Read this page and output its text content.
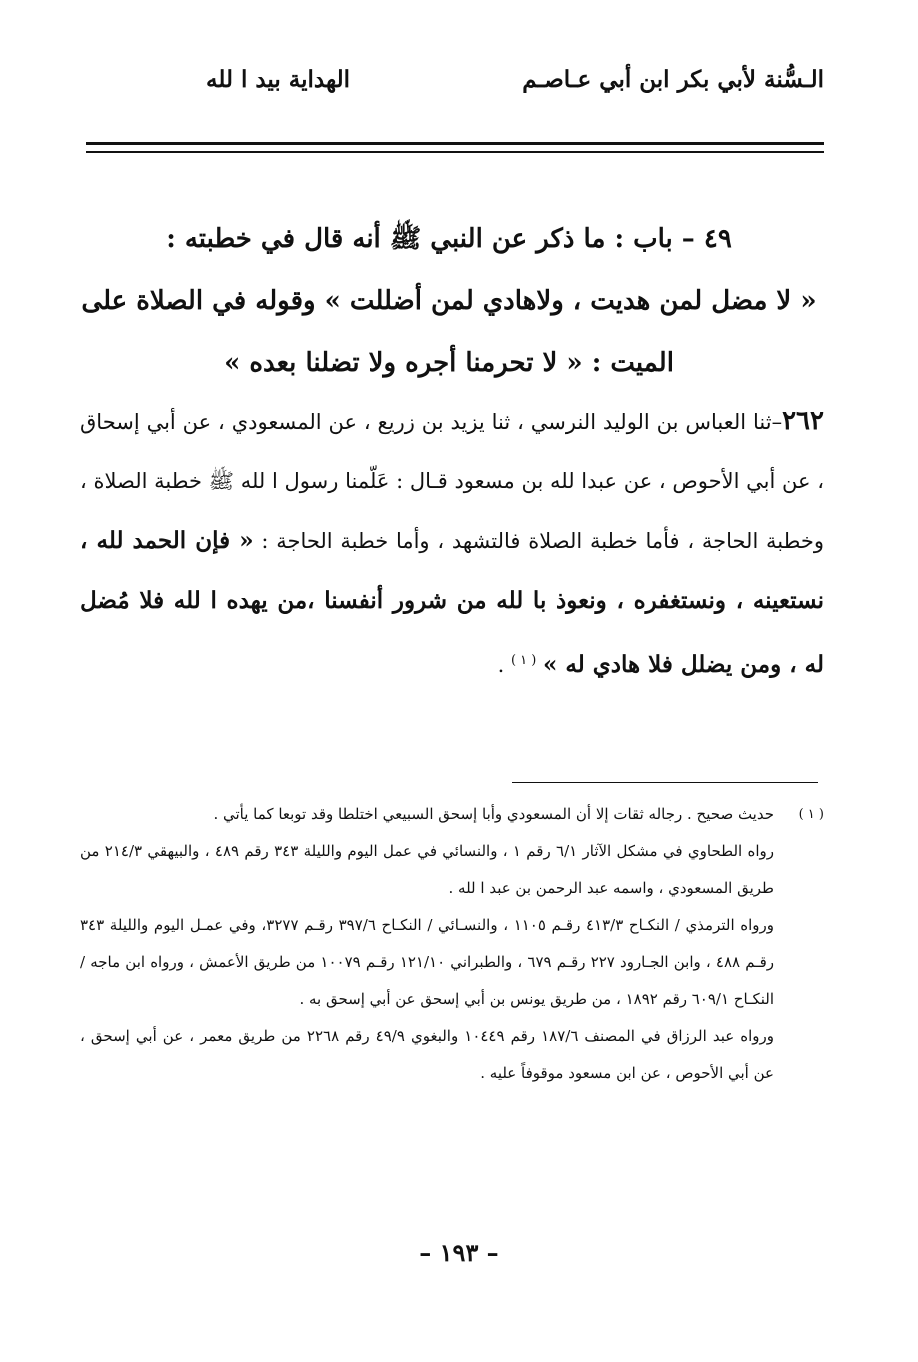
الـسُّنة لأبي بكر ابن أبي عـاصـم
الهداية بيد ا لله

٤٩ – باب : ما ذكر عن النبي ﷺ أنه قال في خطبته :

« لا مضل لمن هديت ، ولاهادي لمن أضللت » وقوله في الصلاة على

الميت : « لا تحرمنا أجره ولا تضلنا بعده »

٢٦٢–ثنا العباس بن الوليد النرسي ، ثنا يزيد بن زريع ، عن المسعودي ، عن أبي إسحاق ، عن أبي الأحوص ، عن عبدا لله بن مسعود قـال : عَلّمنا رسول ا لله ﷺ خطبة الصلاة ، وخطبة الحاجة ، فأما خطبة الصلاة فالتشهد ، وأما خطبة الحاجة : « فإن الحمد لله ، نستعينه ، ونستغفره ، ونعوذ با لله من شرور أنفسنا ،من يهده ا لله فلا مُضل له ، ومن يضلل فلا هادي له » $^{( ١ )}$ .

( ١ )

حديث صحيح . رجاله ثقات إلا أن المسعودي وأبا إسحق السبيعي اختلطا وقد توبعا كما يأتي .

رواه الطحاوي في مشكل الآثار ٦/١ رقم ١ ، والنسائي في عمل اليوم والليلة ٣٤٣ رقم ٤٨٩ ، والبيهقي ٢١٤/٣ من طريق المسعودي ، واسمه عبد الرحمن بن عبد ا لله .

ورواه الترمذي / النكـاح ٤١٣/٣ رقـم ١١٠٥ ، والنسـائي / النكـاح ٣٩٧/٦ رقـم ٣٢٧٧، وفي عمـل اليوم والليلة ٣٤٣ رقـم ٤٨٨ ، وابن الجـارود ٢٢٧ رقـم ٦٧٩ ، والطبراني ١٢١/١٠ رقـم ١٠٠٧٩ من طريق الأعمش ، ورواه ابن ماجه / النكـاح ٦٠٩/١ رقم ١٨٩٢ ، من طريق يونس بن أبي إسحق عن أبي إسحق به .

ورواه عبد الرزاق في المصنف ١٨٧/٦ رقم ١٠٤٤٩ والبغوي ٤٩/٩ رقم ٢٢٦٨ من طريق معمر ، عن أبي إسحق ، عن أبي الأحوص ، عن ابن مسعود موقوفاً عليه .

– ١٩٣ –
